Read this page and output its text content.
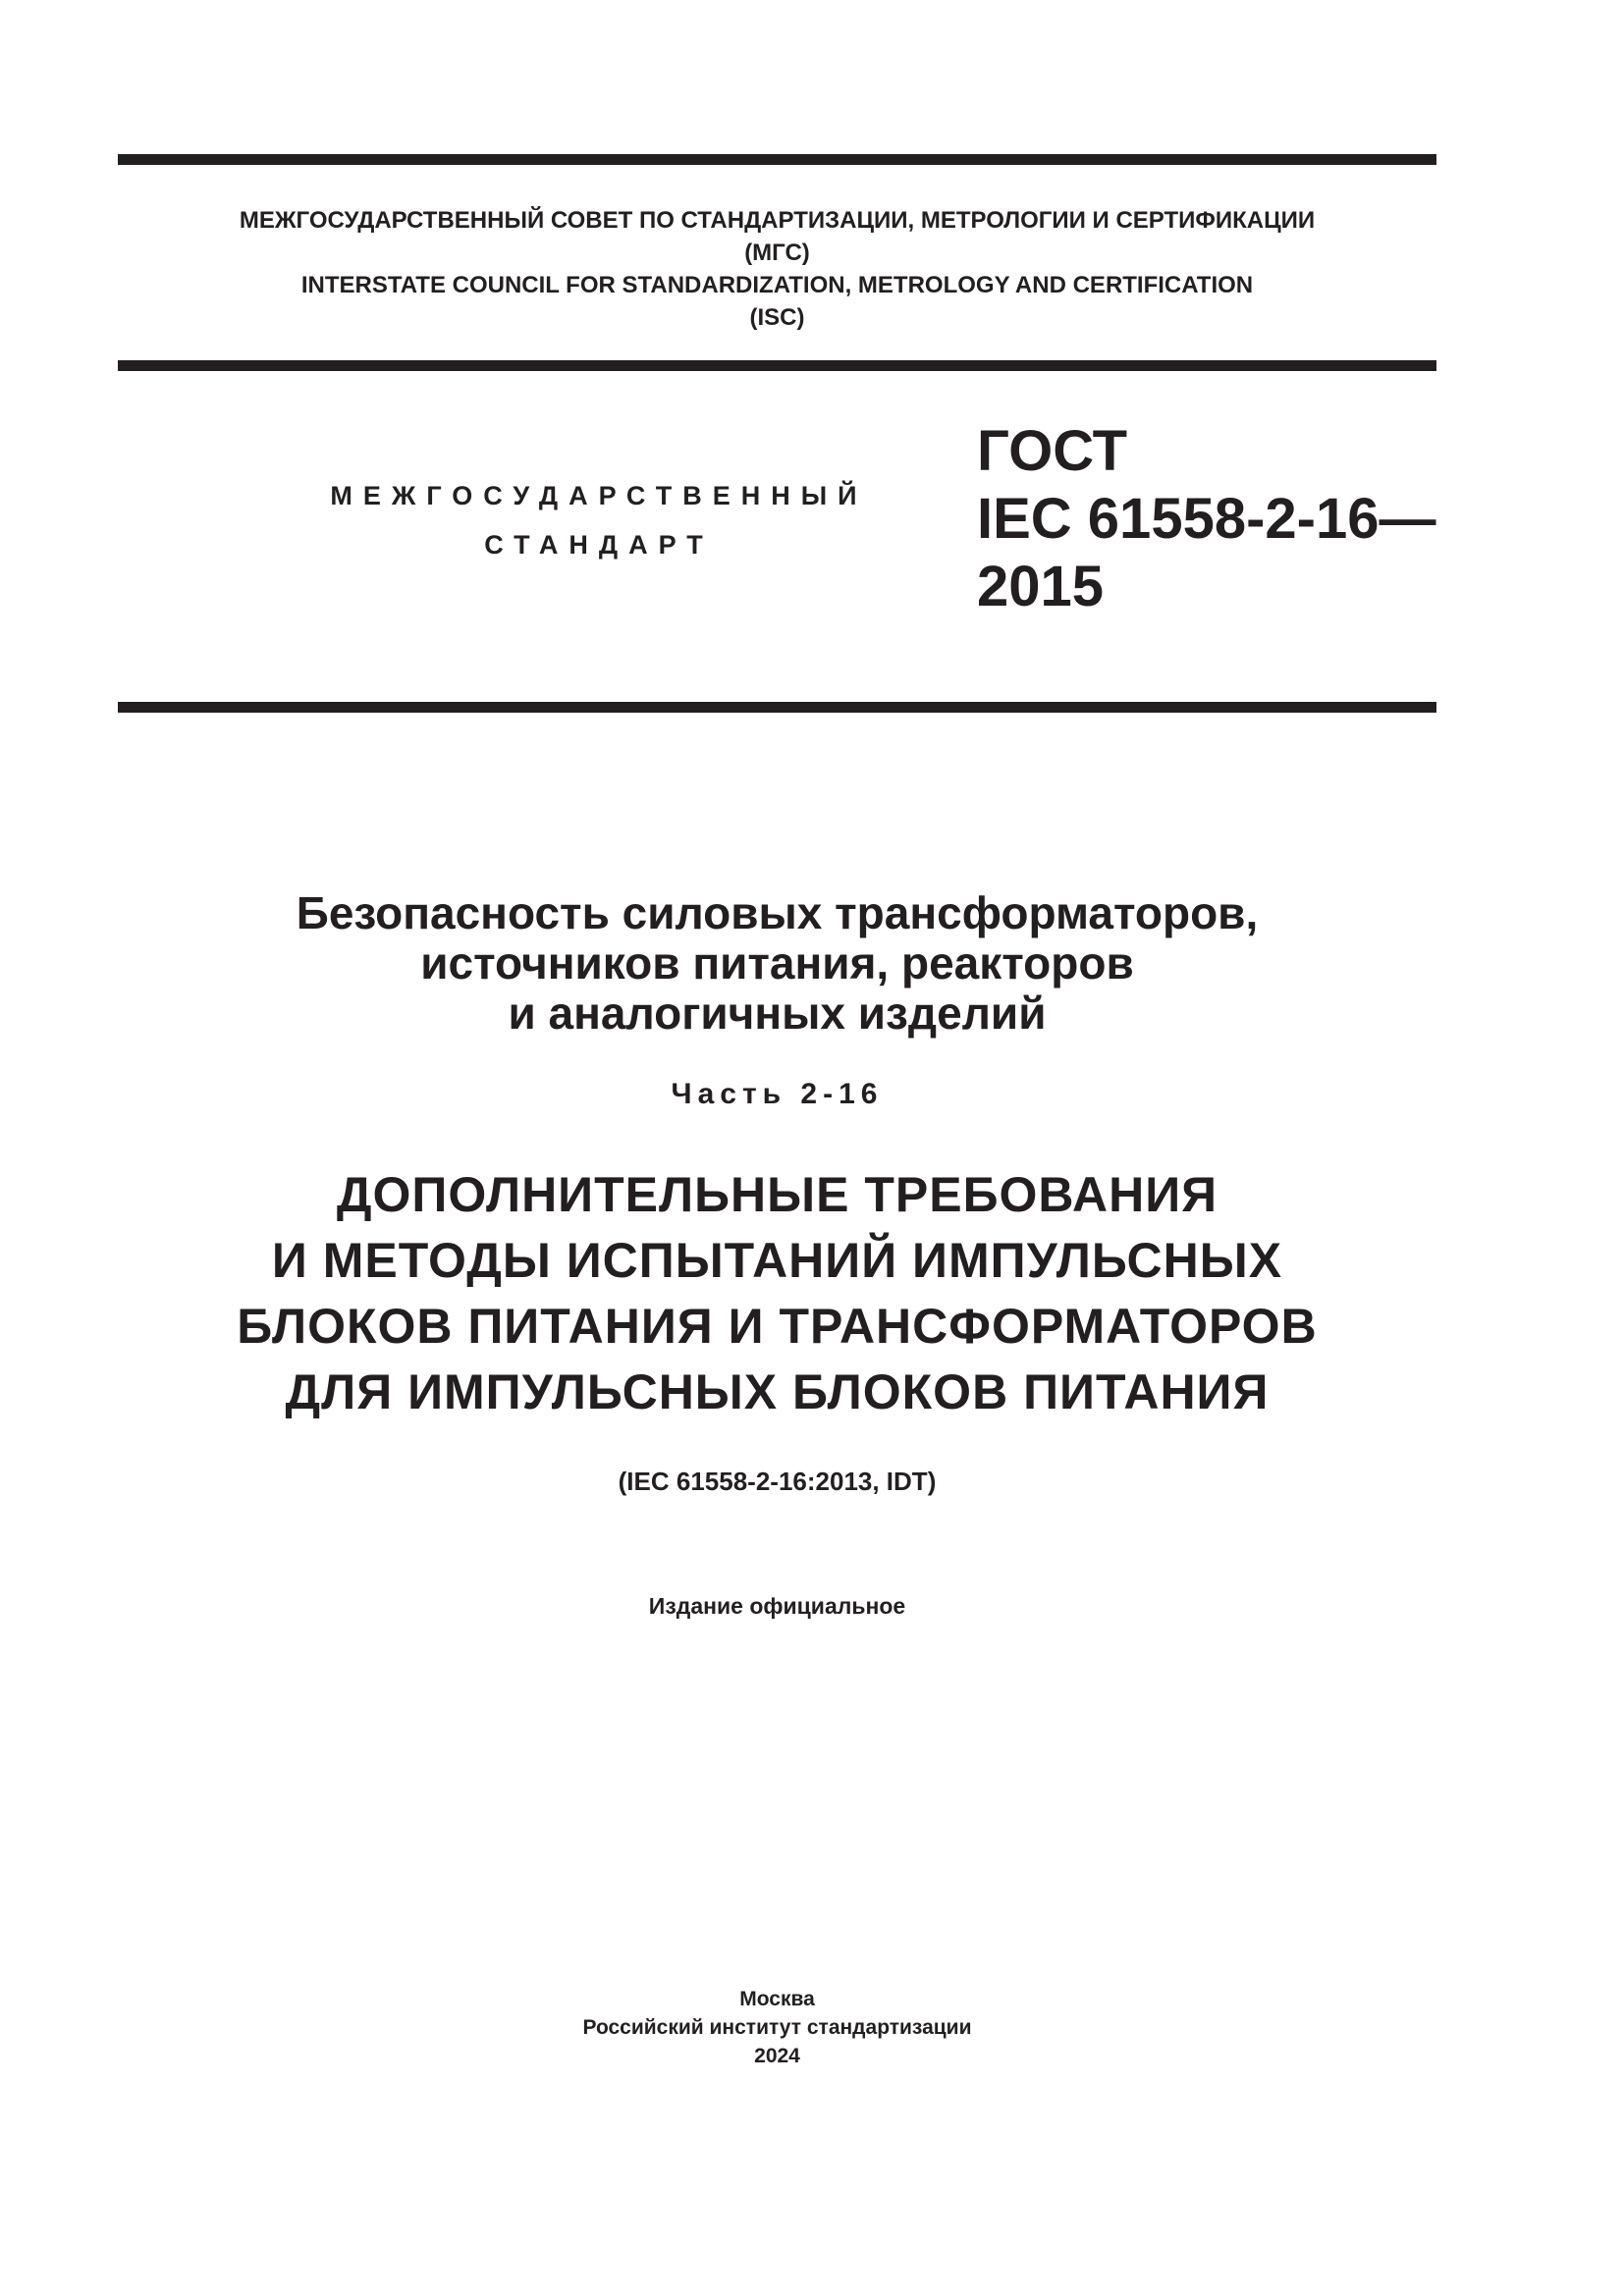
МЕЖГОСУДАРСТВЕННЫЙ СОВЕТ ПО СТАНДАРТИЗАЦИИ, МЕТРОЛОГИИ И СЕРТИФИКАЦИИ
(МГС)
INTERSTATE COUNCIL FOR STANDARDIZATION, METROLOGY AND CERTIFICATION
(ISC)
МЕЖГОСУДАРСТВЕННЫЙ
СТАНДАРТ
ГОСТ
IEC 61558-2-16—
2015
Безопасность силовых трансформаторов,
источников питания, реакторов
и аналогичных изделий
Часть 2-16
ДОПОЛНИТЕЛЬНЫЕ ТРЕБОВАНИЯ
И МЕТОДЫ ИСПЫТАНИЙ ИМПУЛЬСНЫХ
БЛОКОВ ПИТАНИЯ И ТРАНСФОРМАТОРОВ
ДЛЯ ИМПУЛЬСНЫХ БЛОКОВ ПИТАНИЯ
(IEC 61558-2-16:2013, IDT)
Издание официальное
Москва
Российский институт стандартизации
2024
